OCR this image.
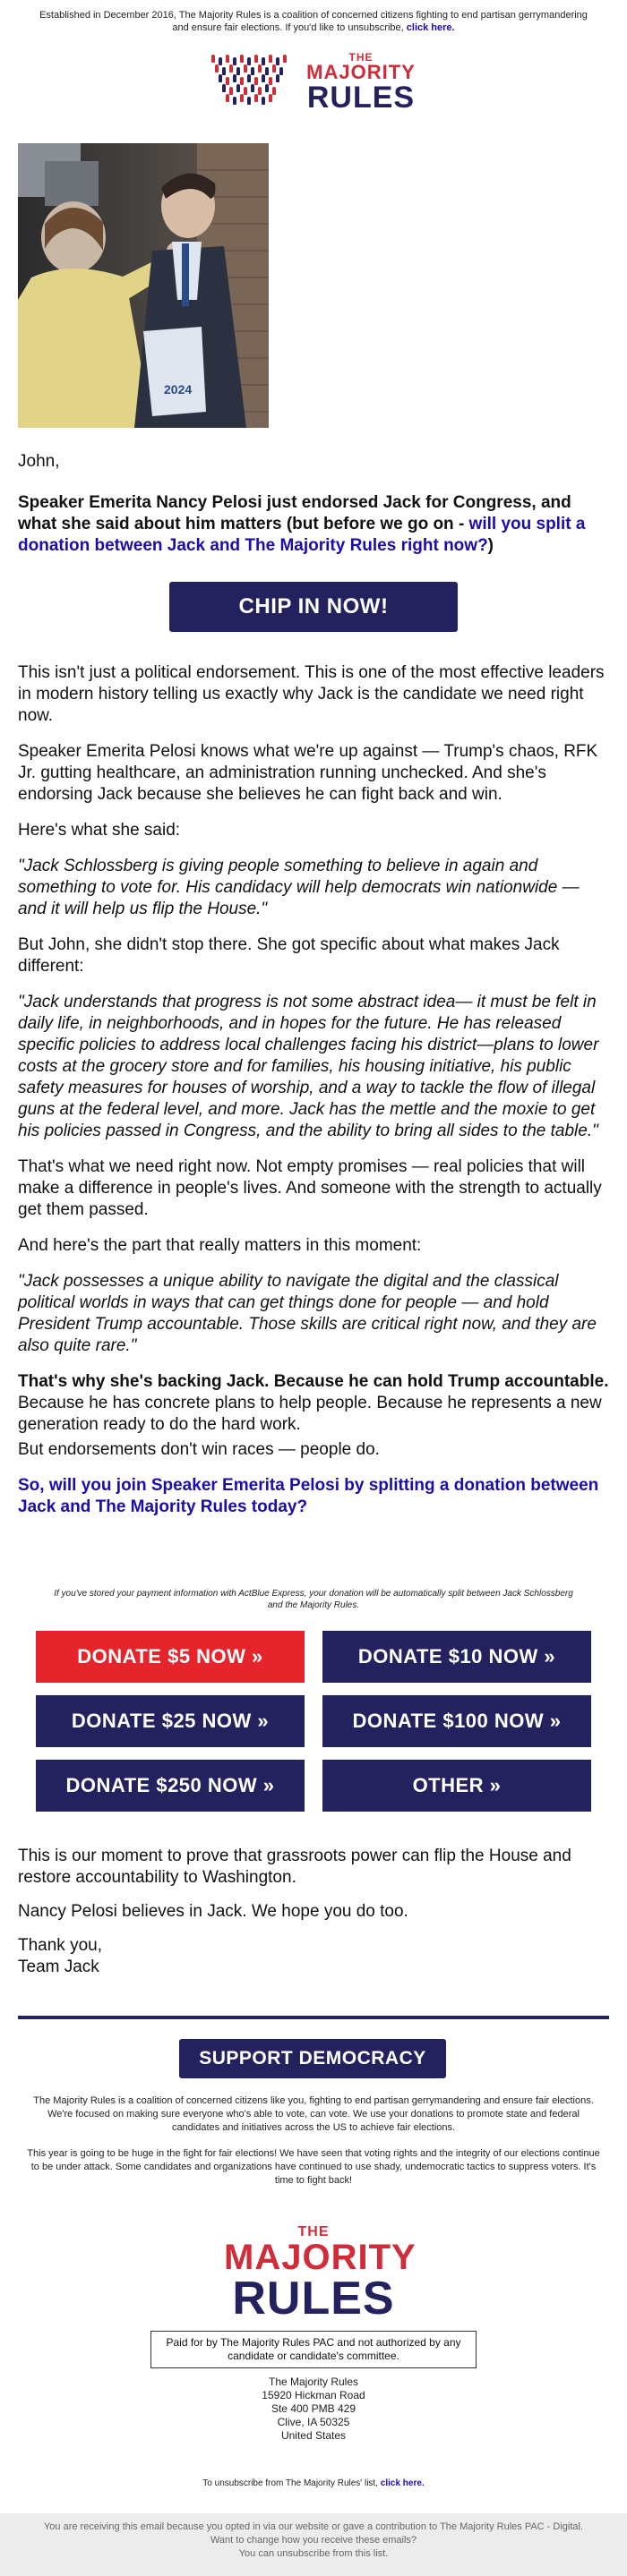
Established in December 2016, The Majority Rules is a coalition of concerned citizens fighting to end partisan gerrymandering and ensure fair elections. If you'd like to unsubscribe, click here.
THE
MAJORITY
RULES
2024

John,

Speaker Emerita Nancy Pelosi just endorsed Jack for Congress, and what she said about him matters (but before we go on - will you split a donation between Jack and The Majority Rules right now?)

CHIP IN NOW!

This isn't just a political endorsement. This is one of the most effective leaders in modern history telling us exactly why Jack is the candidate we need right now.

Speaker Emerita Pelosi knows what we're up against — Trump's chaos, RFK Jr. gutting healthcare, an administration running unchecked. And she's endorsing Jack because she believes he can fight back and win.

Here's what she said:

"Jack Schlossberg is giving people something to believe in again and something to vote for. His candidacy will help democrats win nationwide — and it will help us flip the House."

But John, she didn't stop there. She got specific about what makes Jack different:

"Jack understands that progress is not some abstract idea— it must be felt in daily life, in neighborhoods, and in hopes for the future. He has released specific policies to address local challenges facing his district—plans to lower costs at the grocery store and for families, his housing initiative, his public safety measures for houses of worship, and a way to tackle the flow of illegal guns at the federal level, and more. Jack has the mettle and the moxie to get his policies passed in Congress, and the ability to bring all sides to the table."

That's what we need right now. Not empty promises — real policies that will make a difference in people's lives. And someone with the strength to actually get them passed.

And here's the part that really matters in this moment:

"Jack possesses a unique ability to navigate the digital and the classical political worlds in ways that can get things done for people — and hold President Trump accountable. Those skills are critical right now, and they are also quite rare."

That's why she's backing Jack. Because he can hold Trump accountable. Because he has concrete plans to help people. Because he represents a new generation ready to do the hard work.

But endorsements don't win races — people do.

So, will you join Speaker Emerita Pelosi by splitting a donation between Jack and The Majority Rules today?

If you've stored your payment information with ActBlue Express, your donation will be automatically split between Jack Schlossberg and the Majority Rules.
DONATE $5 NOW »	DONATE $10 NOW »
DONATE $25 NOW »	DONATE $100 NOW »
DONATE $250 NOW »	OTHER »

This is our moment to prove that grassroots power can flip the House and restore accountability to Washington.

Nancy Pelosi believes in Jack. We hope you do too.

Thank you,

Team Jack

SUPPORT DEMOCRACY

The Majority Rules is a coalition of concerned citizens like you, fighting to end partisan gerrymandering and ensure fair elections. We're focused on making sure everyone who's able to vote, can vote. We use your donations to promote state and federal candidates and initiatives across the US to achieve fair elections.

This year is going to be huge in the fight for fair elections! We have seen that voting rights and the integrity of our elections continue to be under attack. Some candidates and organizations have continued to use shady, undemocratic tactics to suppress voters. It's time to fight back!

THE
MAJORITY
RULES
Paid for by The Majority Rules PAC and not authorized by any candidate or candidate's committee.
The Majority Rules
15920 Hickman Road
Ste 400 PMB 429
Clive, IA 50325
United States
To unsubscribe from The Majority Rules' list, click here.
You are receiving this email because you opted in via our website or gave a contribution to The Majority Rules PAC - Digital.
Want to change how you receive these emails?
You can unsubscribe from this list.
